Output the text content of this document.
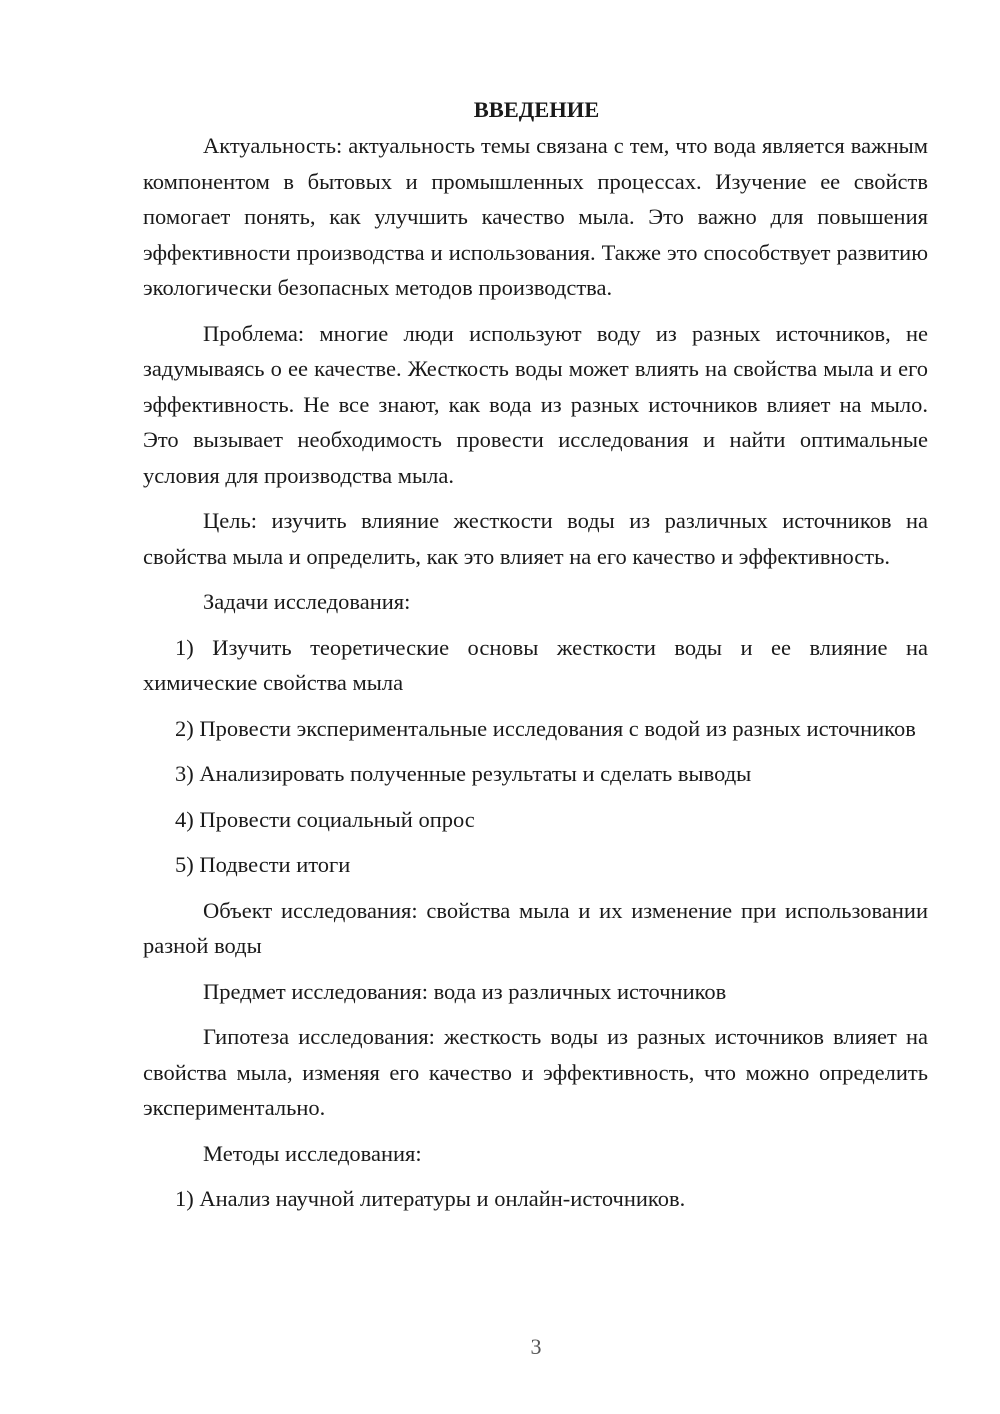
ВВЕДЕНИЕ

Актуальность: актуальность темы связана с тем, что вода является важным компонентом в бытовых и промышленных процессах. Изучение ее свойств помогает понять, как улучшить качество мыла. Это важно для повышения эффективности производства и использования. Также это способствует развитию экологически безопасных методов производства.

Проблема: многие люди используют воду из разных источников, не задумываясь о ее качестве. Жесткость воды может влиять на свойства мыла и его эффективность. Не все знают, как вода из разных источников влияет на мыло. Это вызывает необходимость провести исследования и найти оптимальные условия для производства мыла.

Цель: изучить влияние жесткости воды из различных источников на свойства мыла и определить, как это влияет на его качество и эффективность.

Задачи исследования:

1) Изучить теоретические основы жесткости воды и ее влияние на химические свойства мыла

2) Провести экспериментальные исследования с водой из разных источников

3) Анализировать полученные результаты и сделать выводы

4) Провести социальный опрос

5) Подвести итоги

Объект исследования: свойства мыла и их изменение при использовании разной воды

Предмет исследования: вода из различных источников

Гипотеза исследования: жесткость воды из разных источников влияет на свойства мыла, изменяя его качество и эффективность, что можно определить экспериментально.

Методы исследования:

1) Анализ научной литературы и онлайн-источников.

3
